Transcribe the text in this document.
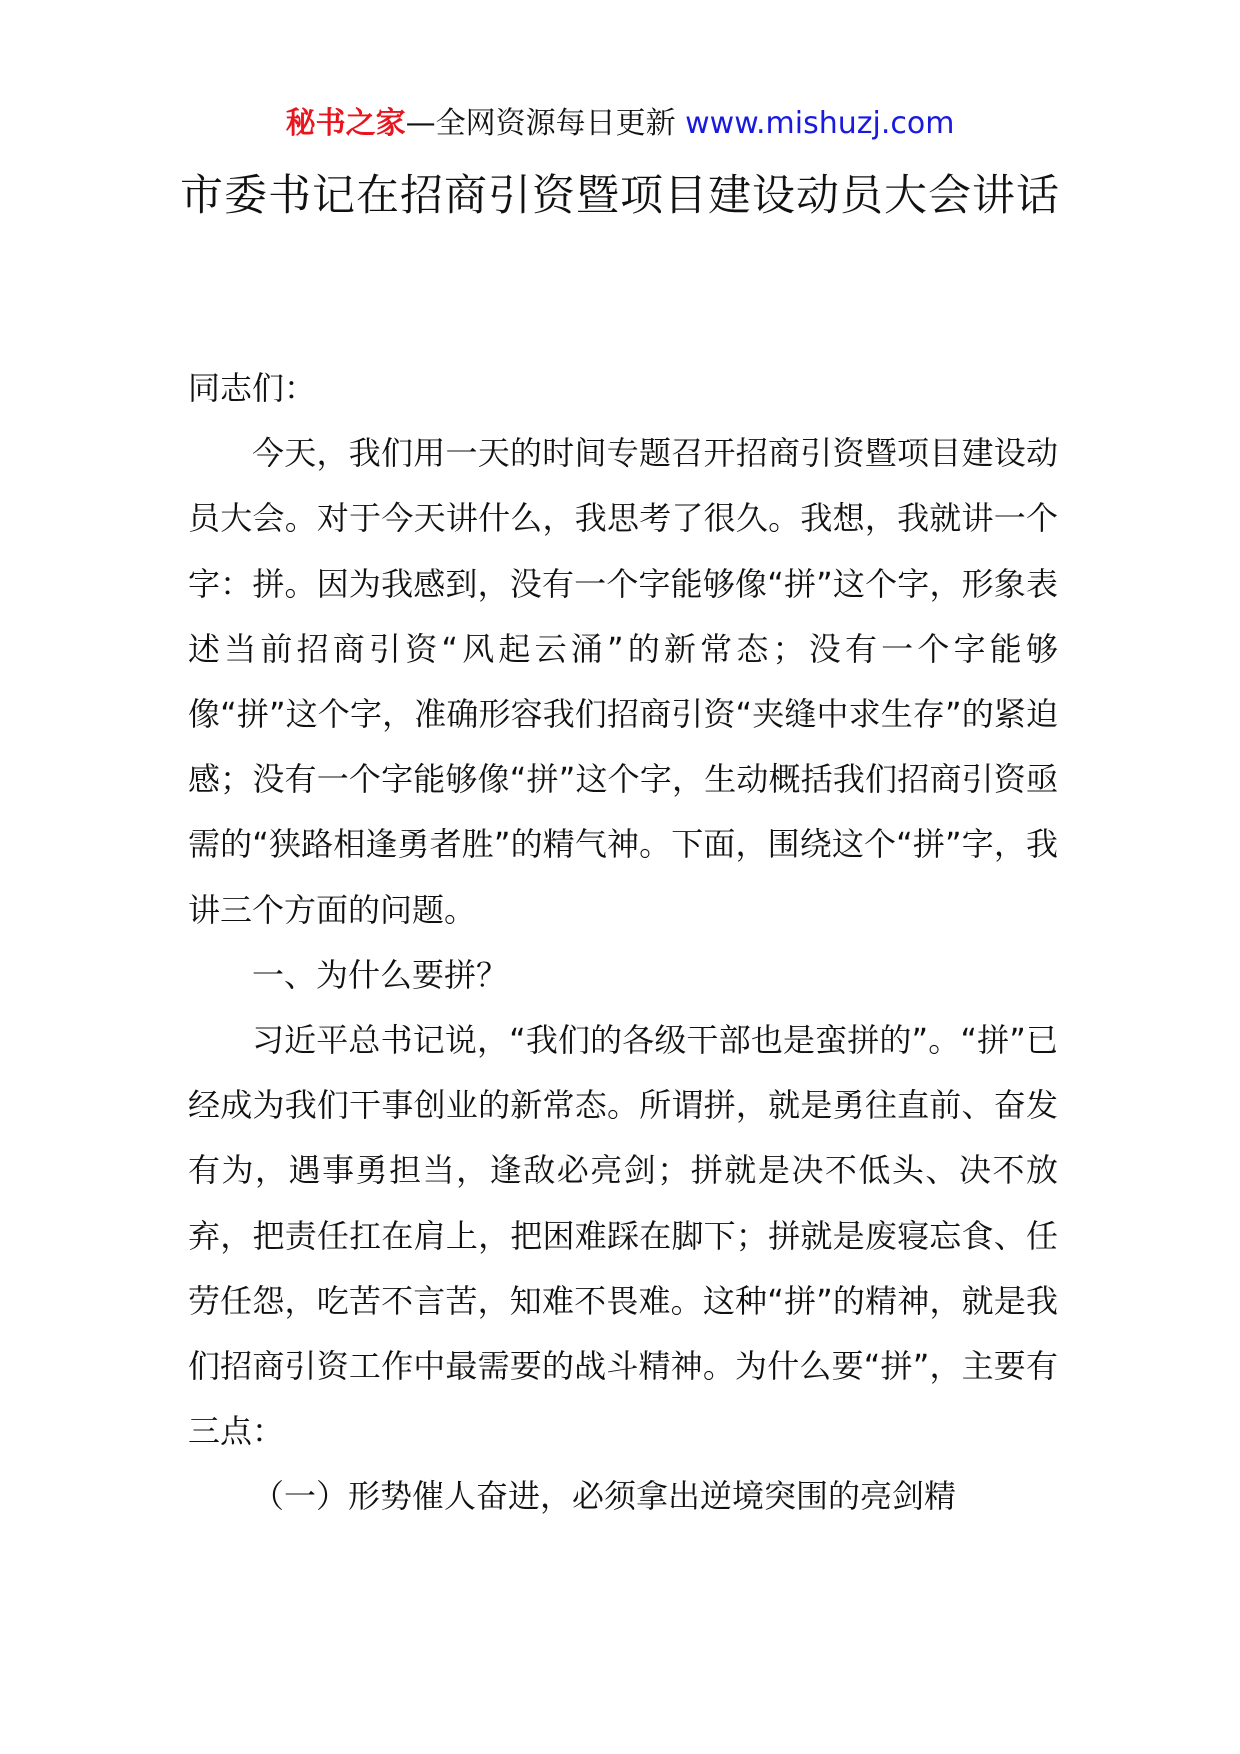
秘书之家—全网资源每日更新 www.mishuzj.com
市委书记在招商引资暨项目建设动员大会讲话

同志们：

今天，我们用一天的时间专题召开招商引资暨项目建设动员大会。对于今天讲什么，我思考了很久。我想，我就讲一个字：拼。因为我感到，没有一个字能够像“拼”这个字，形象表述当前招商引资“风起云涌”的新常态；没有一个字能够像“拼”这个字，准确形容我们招商引资“夹缝中求生存”的紧迫感；没有一个字能够像“拼”这个字，生动概括我们招商引资亟需的“狭路相逢勇者胜”的精气神。下面，围绕这个“拼”字，我讲三个方面的问题。

一、为什么要拼？

习近平总书记说，“我们的各级干部也是蛮拼的”。“拼”已经成为我们干事创业的新常态。所谓拼，就是勇往直前、奋发有为，遇事勇担当，逢敌必亮剑；拼就是决不低头、决不放弃，把责任扛在肩上，把困难踩在脚下；拼就是废寝忘食、任劳任怨，吃苦不言苦，知难不畏难。这种“拼”的精神，就是我们招商引资工作中最需要的战斗精神。为什么要“拼”，主要有三点：

（一）形势催人奋进，必须拿出逆境突围的亮剑精
